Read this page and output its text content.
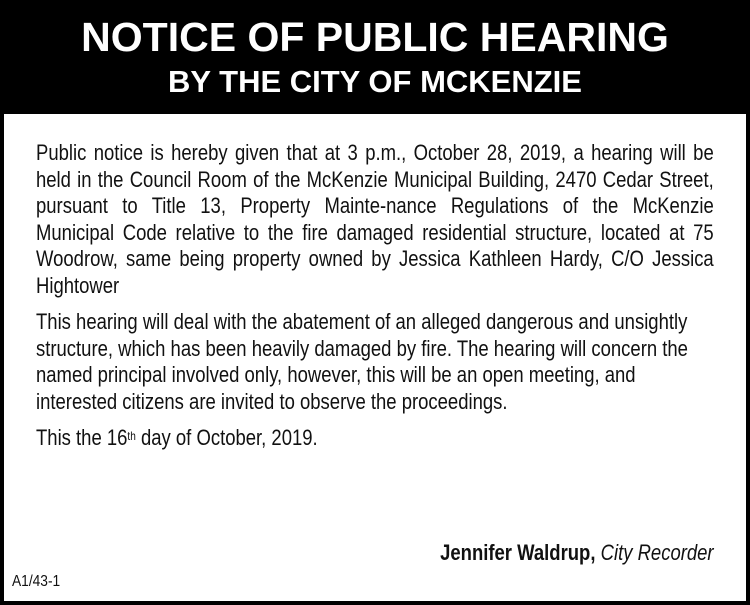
NOTICE OF PUBLIC HEARING
BY THE CITY OF MCKENZIE

Public notice is hereby given that at 3 p.m., October 28, 2019, a hearing will be held in the Council Room of the McKenzie Municipal Building, 2470 Cedar Street, pursuant to Title 13, Property Mainte-nance Regulations of the McKenzie Municipal Code relative to the fire damaged residential structure, located at 75 Woodrow, same being property owned by Jessica Kathleen Hardy, C/O Jessica Hightower

This hearing will deal with the abatement of an alleged dangerous and unsightly structure, which has been heavily damaged by fire. The hearing will concern the named principal involved only, however, this will be an open meeting, and interested citizens are invited to observe the proceedings.

This the 16th day of October, 2019.
Jennifer Waldrup, City Recorder
A1/43-1
